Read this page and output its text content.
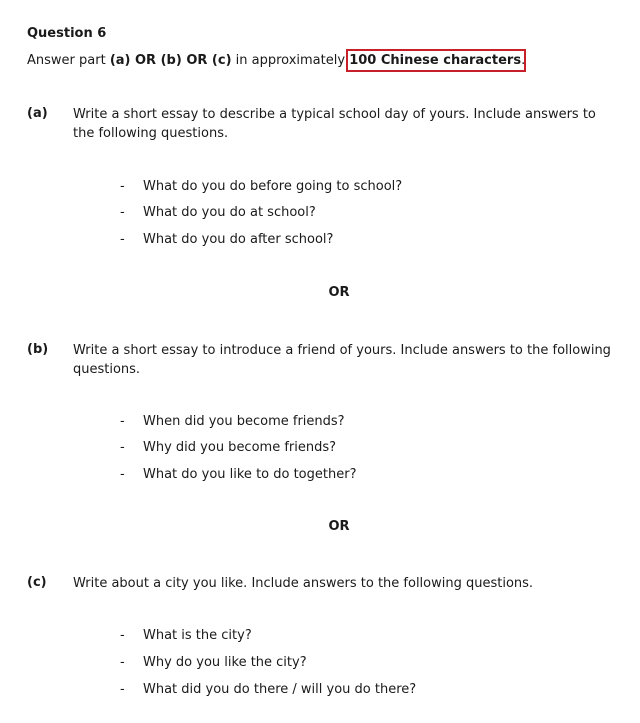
Question 6
Answer part (a) OR (b) OR (c) in approximately 100 Chinese characters.
(a) Write a short essay to describe a typical school day of yours. Include answers to the following questions.
- What do you do before going to school?
- What do you do at school?
- What do you do after school?
OR
(b) Write a short essay to introduce a friend of yours. Include answers to the following questions.
- When did you become friends?
- Why did you become friends?
- What do you like to do together?
OR
(c) Write about a city you like. Include answers to the following questions.
- What is the city?
- Why do you like the city?
- What did you do there / will you do there?
